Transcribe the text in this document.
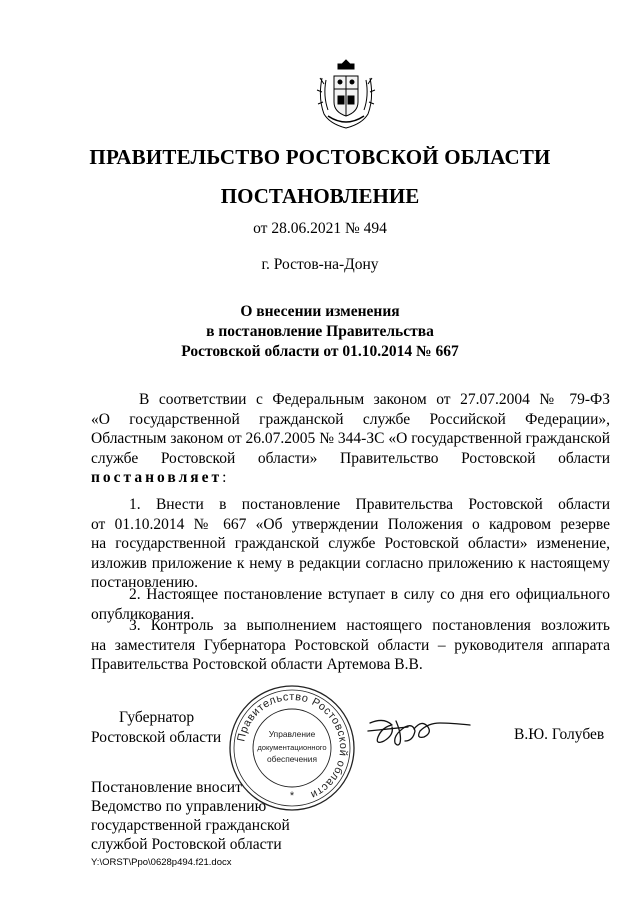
ПРАВИТЕЛЬСТВО РОСТОВСКОЙ ОБЛАСТИ
ПОСТАНОВЛЕНИЕ
от 28.06.2021 № 494
г. Ростов-на-Дону
О внесении изменения
в постановление Правительства
Ростовской области от 01.10.2014 № 667
В соответствии с Федеральным законом от 27.07.2004 № 79-ФЗ
«О государственной гражданской службе Российской Федерации»,
Областным законом от 26.07.2005 № 344-ЗС «О государственной гражданской
службе Ростовской области» Правительство Ростовской области
постановляет:
1. Внести в постановление Правительства Ростовской области
от 01.10.2014 № 667 «Об утверждении Положения о кадровом резерве
на государственной гражданской службе Ростовской области» изменение,
изложив приложение к нему в редакции согласно приложению к настоящему
постановлению.
2. Настоящее постановление вступает в силу со дня его официального
опубликования.
3. Контроль за выполнением настоящего постановления возложить
на заместителя Губернатора Ростовской области – руководителя аппарата
Правительства Ростовской области Артемова В.В.
Губернатор
Ростовской области Правительство Ростовской области
Управление
документационного
обеспечения
*
В.Ю. Голубев
Постановление вносит
Ведомство по управлению
государственной гражданской
службой Ростовской области
Y:\ORST\Ppo\0628p494.f21.docx
